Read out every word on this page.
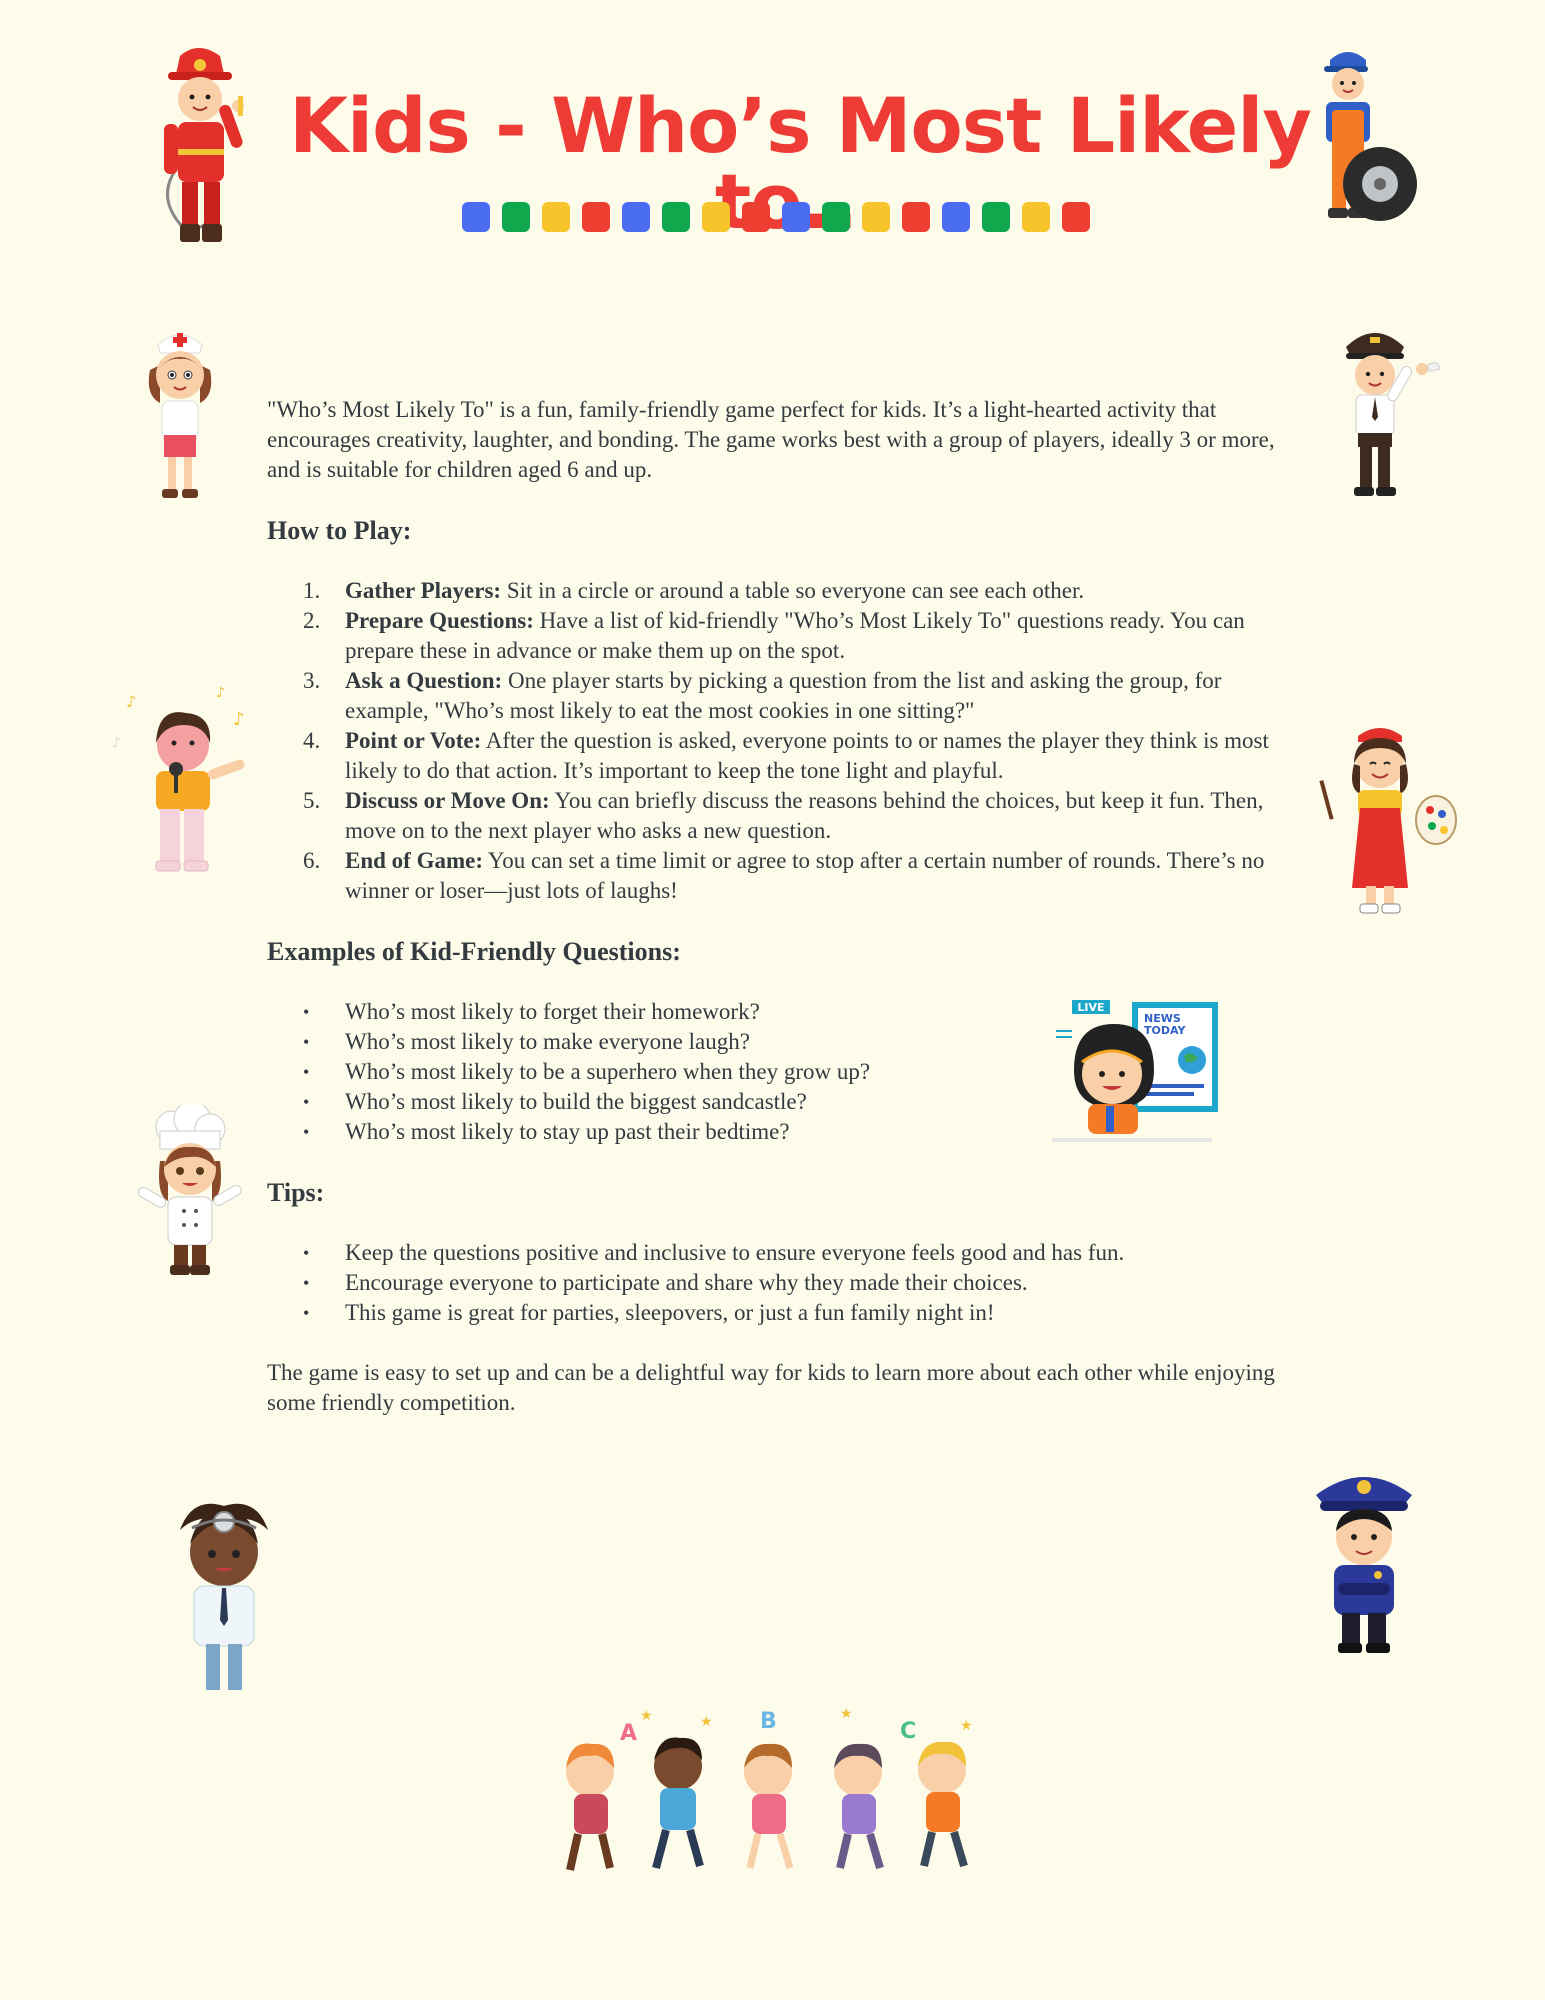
Kids - Who’s Most Likely
♪	♪
♪
♪
LIVE
NEWS
TODAY
A	B	C
★	★	★
★

"Who’s Most Likely To" is a fun, family-friendly game perfect for kids. It’s a light-hearted activity that encourages creativity, laughter, and bonding. The game works best with a group of players, ideally 3 or more, and is suitable for children aged 6 and up.

How to Play:
1. Gather Players: Sit in a circle or around a table so everyone can see each other.
2. Prepare Questions: Have a list of kid-friendly "Who’s Most Likely To" questions ready. You can prepare these in advance or make them up on the spot.
3. Ask a Question: One player starts by picking a question from the list and asking the group, for example, "Who’s most likely to eat the most cookies in one sitting?"
4. Point or Vote: After the question is asked, everyone points to or names the player they think is most likely to do that action. It’s important to keep the tone light and playful.
5. Discuss or Move On: You can briefly discuss the reasons behind the choices, but keep it fun. Then, move on to the next player who asks a new question.
6. End of Game: You can set a time limit or agree to stop after a certain number of rounds. There’s no winner or loser—just lots of laughs!
Examples of Kid-Friendly Questions:
• Who’s most likely to forget their homework?
• Who’s most likely to make everyone laugh?
• Who’s most likely to be a superhero when they grow up?
• Who’s most likely to build the biggest sandcastle?
• Who’s most likely to stay up past their bedtime?
Tips:
• Keep the questions positive and inclusive to ensure everyone feels good and has fun.
• Encourage everyone to participate and share why they made their choices.
• This game is great for parties, sleepovers, or just a fun family night in!

The game is easy to set up and can be a delightful way for kids to learn more about each other while enjoying some friendly competition.
